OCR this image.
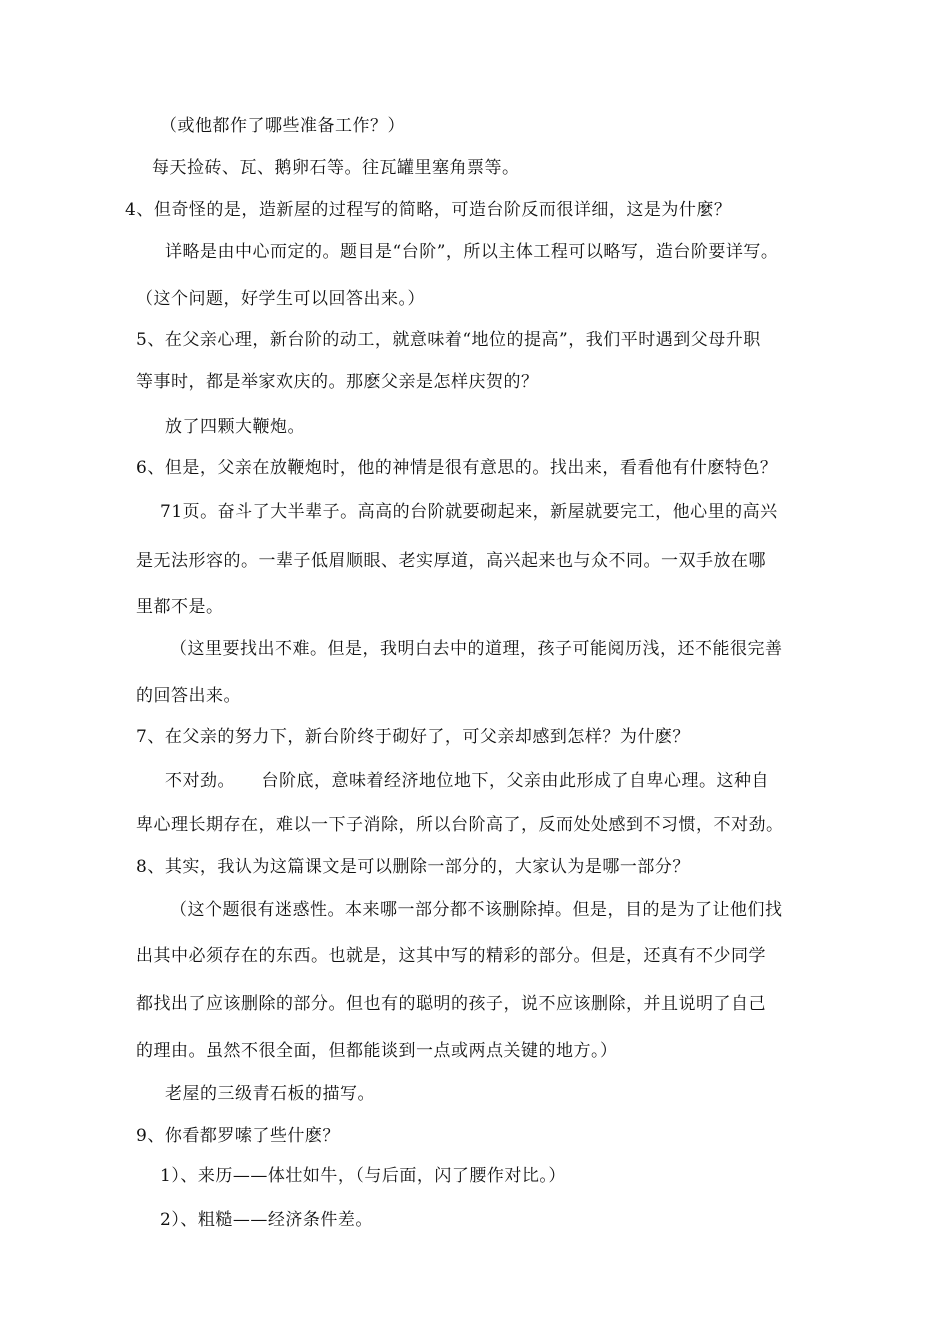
（或他都作了哪些准备工作？）
每天捡砖、瓦、鹅卵石等。往瓦罐里塞角票等。
4、但奇怪的是，造新屋的过程写的简略，可造台阶反而很详细，这是为什麼？
详略是由中心而定的。题目是“台阶”，所以主体工程可以略写，造台阶要详写。
（这个问题，好学生可以回答出来。）
5、在父亲心理，新台阶的动工，就意味着“地位的提高”，我们平时遇到父母升职
等事时，都是举家欢庆的。那麽父亲是怎样庆贺的？
放了四颗大鞭炮。
6、但是，父亲在放鞭炮时，他的神情是很有意思的。找出来，看看他有什麽特色？
71页。奋斗了大半辈子。高高的台阶就要砌起来，新屋就要完工，他心里的高兴
是无法形容的。一辈子低眉顺眼、老实厚道，高兴起来也与众不同。一双手放在哪
里都不是。
（这里要找出不难。但是，我明白去中的道理，孩子可能阅历浅，还不能很完善
的回答出来。
7、在父亲的努力下，新台阶终于砌好了，可父亲却感到怎样？为什麽？
不对劲。　　台阶底，意味着经济地位地下，父亲由此形成了自卑心理。这种自
卑心理长期存在，难以一下子消除，所以台阶高了，反而处处感到不习惯，不对劲。
8、其实，我认为这篇课文是可以删除一部分的，大家认为是哪一部分？
（这个题很有迷惑性。本来哪一部分都不该删除掉。但是，目的是为了让他们找
出其中必须存在的东西。也就是，这其中写的精彩的部分。但是，还真有不少同学
都找出了应该删除的部分。但也有的聪明的孩子，说不应该删除，并且说明了自己
的理由。虽然不很全面，但都能谈到一点或两点关键的地方。）
老屋的三级青石板的描写。
9、你看都罗嗦了些什麽？
1）、来历——体壮如牛，（与后面，闪了腰作对比。）
2）、粗糙——经济条件差。
